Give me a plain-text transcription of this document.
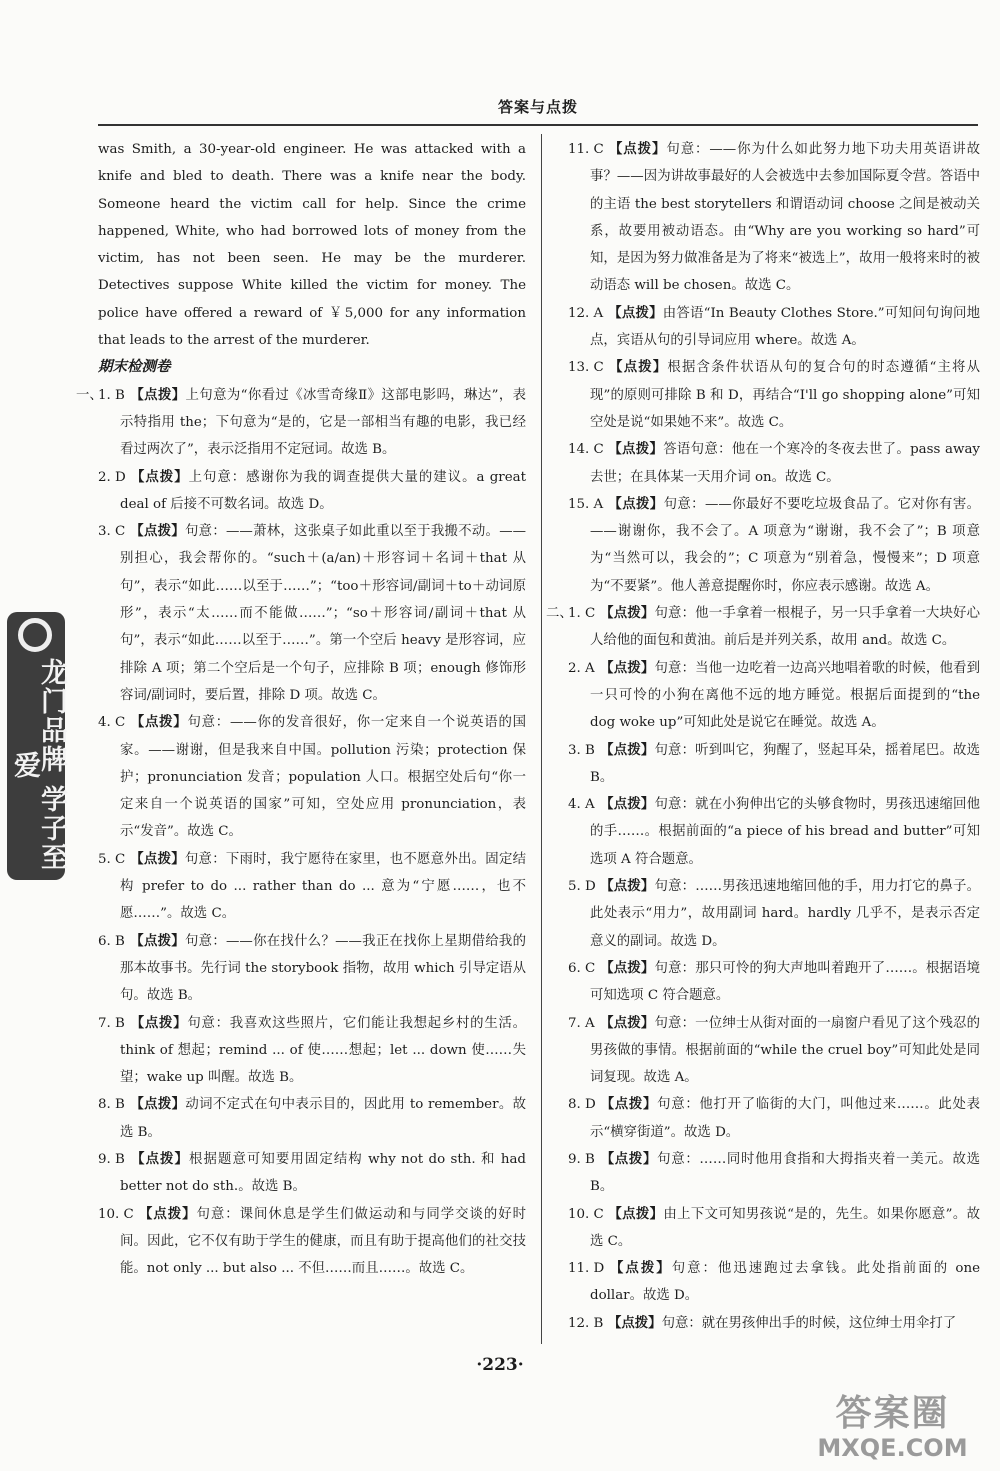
答案与点拨

was Smith, a 30-year-old engineer. He was attacked with a knife and bled to death. There was a knife near the body. Someone heard the victim call for help. Since the crime happened, White, who had borrowed lots of money from the victim, has not been seen. He may be the murderer. Detectives suppose White killed the victim for money. The police have offered a reward of ￥5,000 for any information that leads to the arrest of the murderer.

期末检测卷

一、
1. B 【点拨】上句意为“你看过《冰雪奇缘Ⅱ》这部电影吗，琳达”，表示特指用 the；下句意为“是的，它是一部相当有趣的电影，我已经看过两次了”，表示泛指用不定冠词。故选 B。

2. D 【点拨】上句意：感谢你为我的调查提供大量的建议。a great deal of 后接不可数名词。故选 D。

3. C 【点拨】句意：——萧林，这张桌子如此重以至于我搬不动。——别担心，我会帮你的。“such＋(a/an)＋形容词＋名词＋that 从句”，表示“如此……以至于……”；“too＋形容词/副词＋to＋动词原形”，表示“太……而不能做……”；“so＋形容词/副词＋that 从句”，表示“如此……以至于……”。第一个空后 heavy 是形容词，应排除 A 项；第二个空后是一个句子，应排除 B 项；enough 修饰形容词/副词时，要后置，排除 D 项。故选 C。

4. C 【点拨】句意：——你的发音很好，你一定来自一个说英语的国家。——谢谢，但是我来自中国。pollution 污染；protection 保护；pronunciation 发音；population 人口。根据空处后句“你一定来自一个说英语的国家”可知，空处应用 pronunciation，表示“发音”。故选 C。

5. C 【点拨】句意：下雨时，我宁愿待在家里，也不愿意外出。固定结构 prefer to do ... rather than do ... 意为“宁愿……，也不愿……”。故选 C。

6. B 【点拨】句意：——你在找什么？——我正在找你上星期借给我的那本故事书。先行词 the storybook 指物，故用 which 引导定语从句。故选 B。

7. B 【点拨】句意：我喜欢这些照片，它们能让我想起乡村的生活。think of 想起；remind ... of 使……想起；let ... down 使……失望；wake up 叫醒。故选 B。

8. B 【点拨】动词不定式在句中表示目的，因此用 to remember。故选 B。

9. B 【点拨】根据题意可知要用固定结构 why not do sth. 和 had better not do sth.。故选 B。

10. C 【点拨】句意：课间休息是学生们做运动和与同学交谈的好时间。因此，它不仅有助于学生的健康，而且有助于提高他们的社交技能。not only ... but also ... 不但……而且……。故选 C。

11. C 【点拨】句意：——你为什么如此努力地下功夫用英语讲故事？——因为讲故事最好的人会被选中去参加国际夏令营。答语中的主语 the best storytellers 和谓语动词 choose 之间是被动关系，故要用被动语态。由“Why are you working so hard”可知，是因为努力做准备是为了将来“被选上”，故用一般将来时的被动语态 will be chosen。故选 C。

12. A 【点拨】由答语“In Beauty Clothes Store.”可知问句询问地点，宾语从句的引导词应用 where。故选 A。

13. C 【点拨】根据含条件状语从句的复合句的时态遵循“主将从现”的原则可排除 B 和 D，再结合“I'll go shopping alone”可知空处是说“如果她不来”。故选 C。

14. C 【点拨】答语句意：他在一个寒冷的冬夜去世了。pass away 去世；在具体某一天用介词 on。故选 C。

15. A 【点拨】句意：——你最好不要吃垃圾食品了。它对你有害。——谢谢你，我不会了。A 项意为“谢谢，我不会了”；B 项意为“当然可以，我会的”；C 项意为“别着急，慢慢来”；D 项意为“不要紧”。他人善意提醒你时，你应表示感谢。故选 A。

二、
1. C 【点拨】句意：他一手拿着一根棍子，另一只手拿着一大块好心人给他的面包和黄油。前后是并列关系，故用 and。故选 C。

2. A 【点拨】句意：当他一边吃着一边高兴地唱着歌的时候，他看到一只可怜的小狗在离他不远的地方睡觉。根据后面提到的“the dog woke up”可知此处是说它在睡觉。故选 A。

3. B 【点拨】句意：听到叫它，狗醒了，竖起耳朵，摇着尾巴。故选 B。

4. A 【点拨】句意：就在小狗伸出它的头够食物时，男孩迅速缩回他的手……。根据前面的“a piece of his bread and butter”可知选项 A 符合题意。

5. D 【点拨】句意：……男孩迅速地缩回他的手，用力打它的鼻子。此处表示“用力”，故用副词 hard。hardly 几乎不，是表示否定意义的副词。故选 D。

6. C 【点拨】句意：那只可怜的狗大声地叫着跑开了……。根据语境可知选项 C 符合题意。

7. A 【点拨】句意：一位绅士从街对面的一扇窗户看见了这个残忍的男孩做的事情。根据前面的“while the cruel boy”可知此处是同词复现。故选 A。

8. D 【点拨】句意：他打开了临街的大门，叫他过来……。此处表示“横穿街道”。故选 D。

9. B 【点拨】句意：……同时他用食指和大拇指夹着一美元。故选 B。

10. C 【点拨】由上下文可知男孩说“是的，先生。如果你愿意”。故选 C。

11. D 【点拨】句意：他迅速跑过去拿钱。此处指前面的 one dollar。故选 D。

12. B 【点拨】句意：就在男孩伸出手的时候，这位绅士用伞打了

龙门品牌 学子至爱
·223·
答案圈
MXQE.COM
